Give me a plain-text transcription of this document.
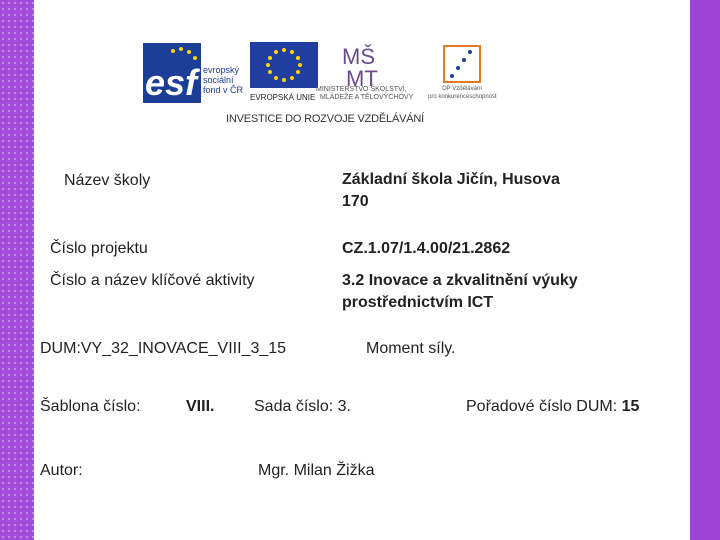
esf evropský
sociální
fond v ČR
EVROPSKÁ UNIE
MŠ
MT
MINISTERSTVO ŠKOLSTVÍ,
MLÁDEŽE A TĚLOVÝCHOVY
OP Vzdělávání
pro konkurenceschopnost
INVESTICE DO ROZVOJE VZDĚLÁVÁNÍ
Název školy	Základní škola Jičín, Husova
170
Číslo projektu	CZ.1.07/1.4.00/21.2862
Číslo a název klíčové aktivity	3.2 Inovace a zkvalitnění výuky
prostřednictvím ICT
DUM:VY_32_INOVACE_VIII_3_15	Moment síly.
Šablona číslo:	VIII. Sada číslo: 3.	Pořadové číslo DUM: 15
Autor:	Mgr. Milan Žižka
